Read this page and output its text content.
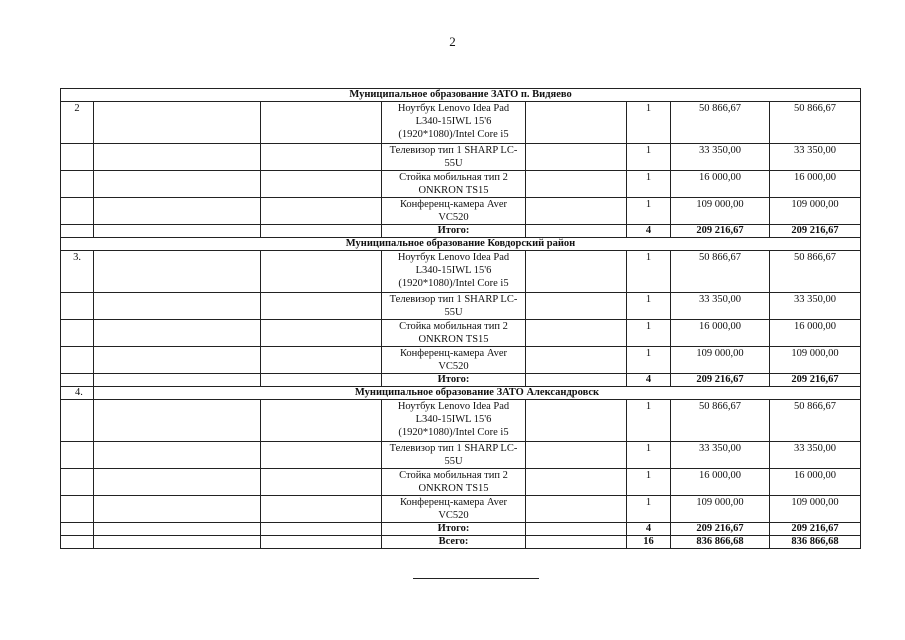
2
Муниципальное образование ЗАТО п. Видяево							
2			Ноутбук Lenovo Idea Pad L340-15IWL 15'6 (1920*1080)/Intel Core i5		1	50 866,67	50 866,67
			Телевизор тип 1 SHARP LC-55U		1	33 350,00	33 350,00
			Стойка мобильная тип 2 ONKRON TS15		1	16 000,00	16 000,00
			Конференц-камера Aver VC520		1	109 000,00	109 000,00
			Итого:		4	209 216,67	209 216,67
Муниципальное образование Ковдорский район							
3.			Ноутбук Lenovo Idea Pad L340-15IWL 15'6 (1920*1080)/Intel Core i5		1	50 866,67	50 866,67
			Телевизор тип 1 SHARP LC-55U		1	33 350,00	33 350,00
			Стойка мобильная тип 2 ONKRON TS15		1	16 000,00	16 000,00
			Конференц-камера Aver VC520		1	109 000,00	109 000,00
			Итого:		4	209 216,67	209 216,67
4.	Муниципальное образование ЗАТО Александровск						
			Ноутбук Lenovo Idea Pad L340-15IWL 15'6 (1920*1080)/Intel Core i5		1	50 866,67	50 866,67
			Телевизор тип 1 SHARP LC-55U		1	33 350,00	33 350,00
			Стойка мобильная тип 2 ONKRON TS15		1	16 000,00	16 000,00
			Конференц-камера Aver VC520		1	109 000,00	109 000,00
			Итого:		4	209 216,67	209 216,67
			Всего:		16	836 866,68	836 866,68
